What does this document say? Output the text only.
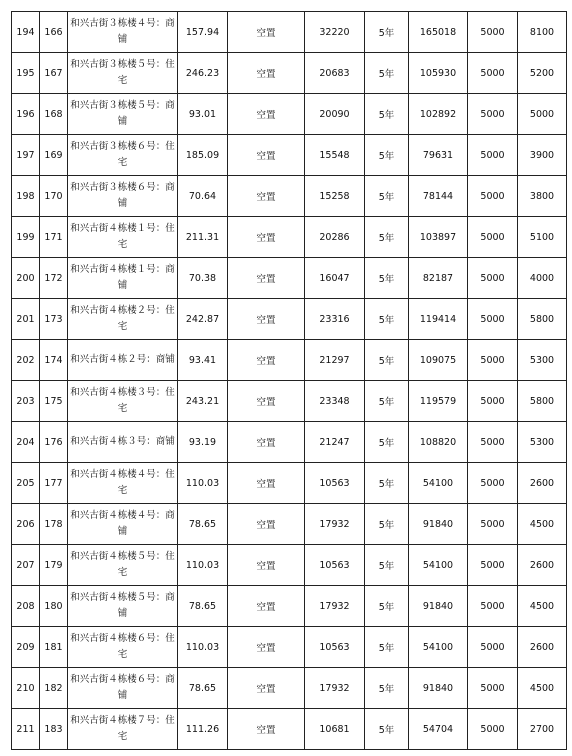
194	166	和兴古街３栋楼４号：商铺	157.94	空置	32220	5年	165018	5000	8100
195	167	和兴古街３栋楼５号：住宅	246.23	空置	20683	5年	105930	5000	5200
196	168	和兴古街３栋楼５号：商铺	93.01	空置	20090	5年	102892	5000	5000
197	169	和兴古街３栋楼６号：住宅	185.09	空置	15548	5年	79631	5000	3900
198	170	和兴古街３栋楼６号：商铺	70.64	空置	15258	5年	78144	5000	3800
199	171	和兴古街４栋楼１号：住宅	211.31	空置	20286	5年	103897	5000	5100
200	172	和兴古街４栋楼１号：商铺	70.38	空置	16047	5年	82187	5000	4000
201	173	和兴古街４栋楼２号：住宅	242.87	空置	23316	5年	119414	5000	5800
202	174	和兴古街４栋２号：商铺	93.41	空置	21297	5年	109075	5000	5300
203	175	和兴古街４栋楼３号：住宅	243.21	空置	23348	5年	119579	5000	5800
204	176	和兴古街４栋３号：商铺	93.19	空置	21247	5年	108820	5000	5300
205	177	和兴古街４栋楼４号：住宅	110.03	空置	10563	5年	54100	5000	2600
206	178	和兴古街４栋楼４号：商铺	78.65	空置	17932	5年	91840	5000	4500
207	179	和兴古街４栋楼５号：住宅	110.03	空置	10563	5年	54100	5000	2600
208	180	和兴古街４栋楼５号：商铺	78.65	空置	17932	5年	91840	5000	4500
209	181	和兴古街４栋楼６号：住宅	110.03	空置	10563	5年	54100	5000	2600
210	182	和兴古街４栋楼６号：商铺	78.65	空置	17932	5年	91840	5000	4500
211	183	和兴古街４栋楼７号：住宅	111.26	空置	10681	5年	54704	5000	2700
